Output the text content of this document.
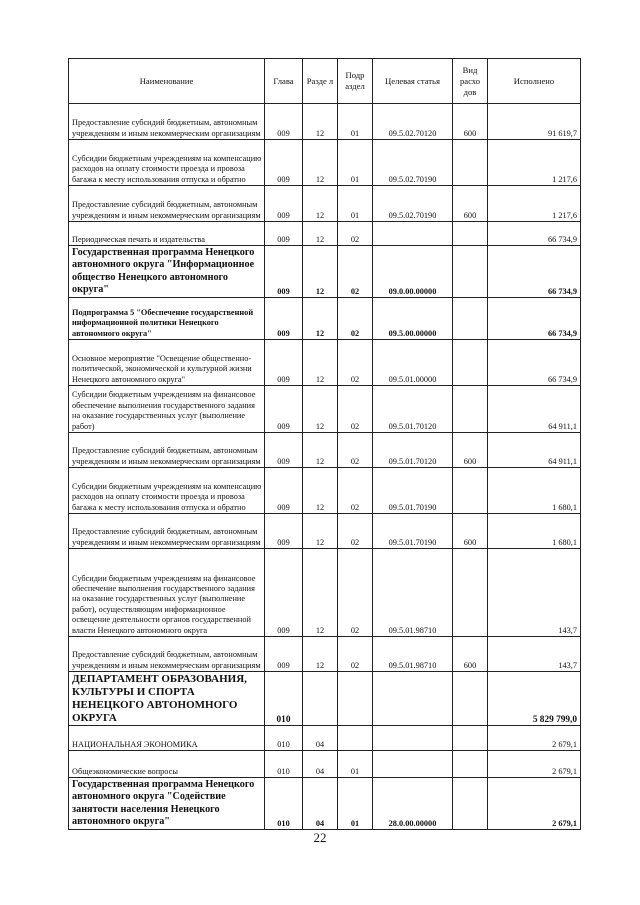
Наименование	Глава	Разде л	Подр аздел	Целевая статья	Вид расхо дов	Исполнено
Предоставление субсидий бюджетным, автономным учреждениям и иным некоммерческим организациям	009	12	01	09.5.02.70120	600	91 619,7
Субсидии бюджетным учреждениям на компенсацию расходов на оплату стоимости проезда и провоза багажа к месту использования отпуска и обратно	009	12	01	09.5.02.70190		1 217,6
Предоставление субсидий бюджетным, автономным учреждениям и иным некоммерческим организациям	009	12	01	09.5.02.70190	600	1 217,6
Периодическая печать и издательства	009	12	02			66 734,9
Государственная программа Ненецкого автономного округа "Информационное общество Ненецкого автономного округа"	009	12	02	09.0.00.00000		66 734,9
Подпрограмма 5 "Обеспечение государственной информационной политики Ненецкого автономного округа"	009	12	02	09.5.00.00000		66 734,9
Основное мероприятие "Освещение общественно-политической, экономической и культурной жизни Ненецкого автономного округа"	009	12	02	09.5.01.00000		66 734,9
Субсидии бюджетным учреждениям на финансовое обеспечение выполнения государственного задания на оказание государственных услуг (выполнение работ)	009	12	02	09.5.01.70120		64 911,1
Предоставление субсидий бюджетным, автономным учреждениям и иным некоммерческим организациям	009	12	02	09.5.01.70120	600	64 911,1
Субсидии бюджетным учреждениям на компенсацию расходов на оплату стоимости проезда и провоза багажа к месту использования отпуска и обратно	009	12	02	09.5.01.70190		1 680,1
Предоставление субсидий бюджетным, автономным учреждениям и иным некоммерческим организациям	009	12	02	09.5.01.70190	600	1 680,1
Субсидии бюджетным учреждениям на финансовое обеспечение выполнения государственного задания на оказание государственных услуг (выполнение работ), осуществляющим информационное освещение деятельности органов государственной власти Ненецкого автономного округа	009	12	02	09.5.01.98710		143,7
Предоставление субсидий бюджетным, автономным учреждениям и иным некоммерческим организациям	009	12	02	09.5.01.98710	600	143,7
ДЕПАРТАМЕНТ ОБРАЗОВАНИЯ, КУЛЬТУРЫ И СПОРТА НЕНЕЦКОГО АВТОНОМНОГО ОКРУГА	010					5 829 799,0
НАЦИОНАЛЬНАЯ ЭКОНОМИКА	010	04				2 679,1
Общеэкономические вопросы	010	04	01			2 679,1
Государственная программа Ненецкого автономного округа "Содействие занятости населения Ненецкого автономного округа"	010	04	01	28.0.00.00000		2 679,1
22
